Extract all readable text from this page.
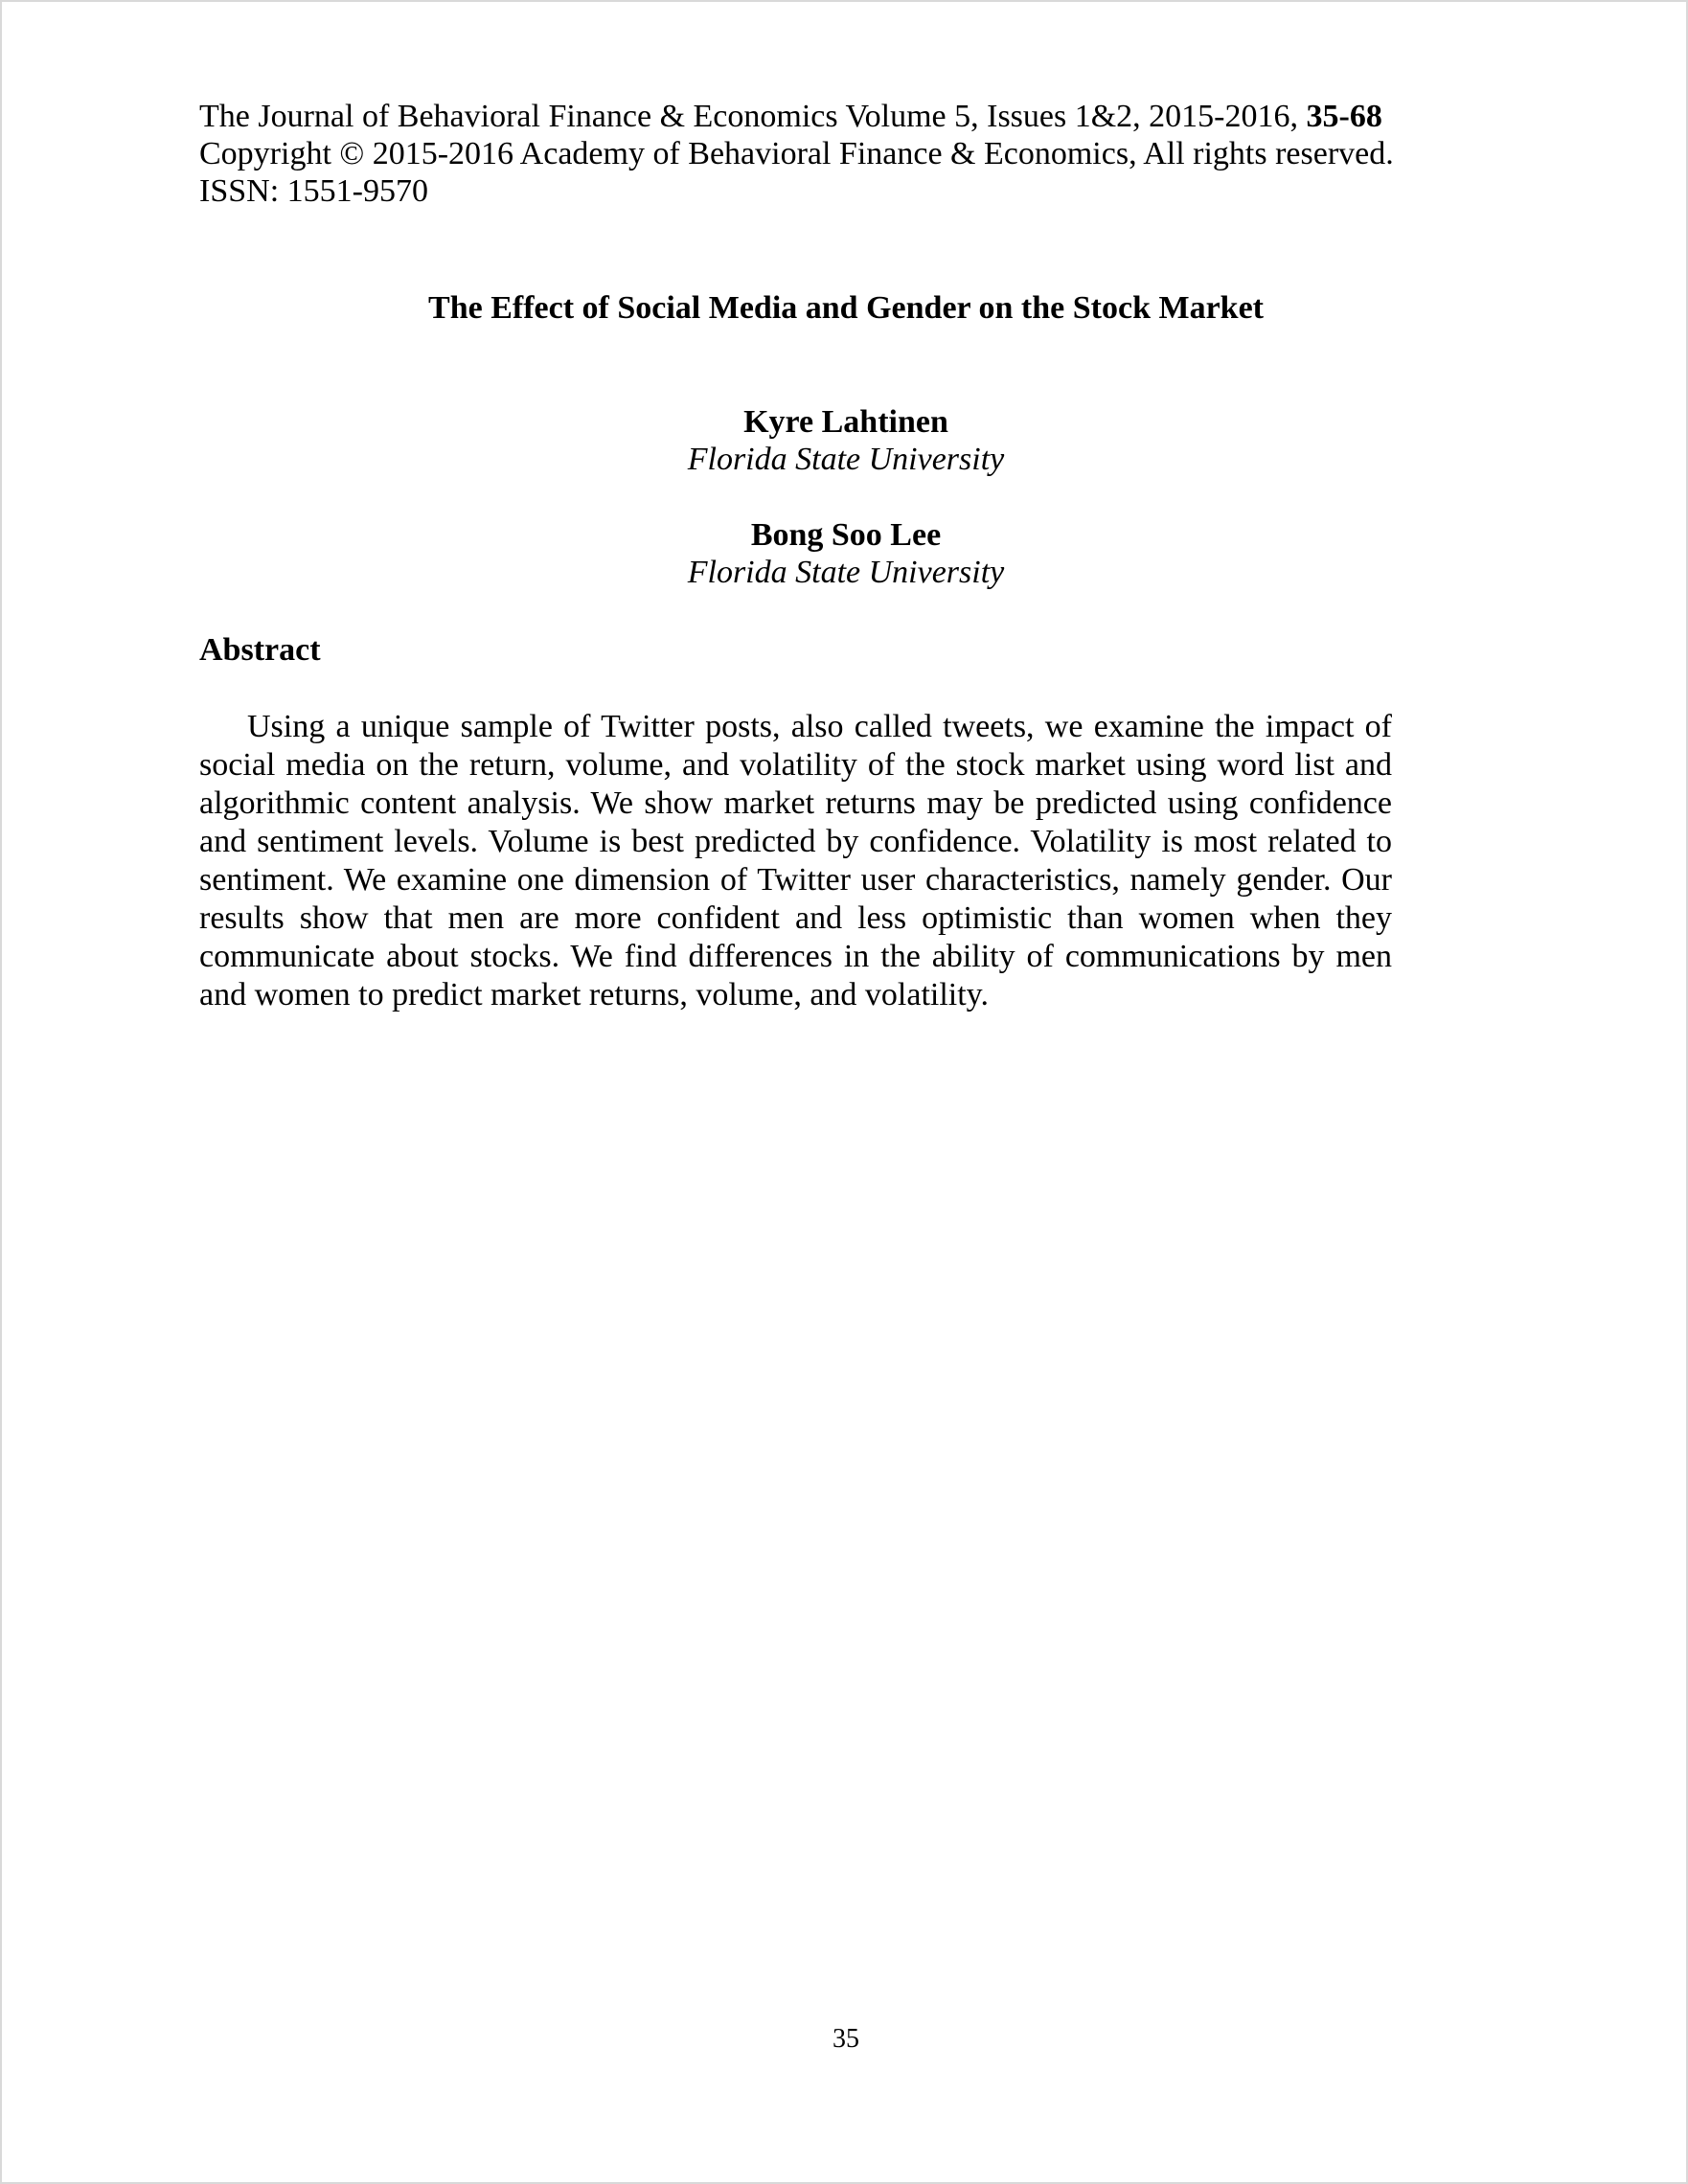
The Journal of Behavioral Finance & Economics Volume 5, Issues 1&2, 2015-2016, 35-68
Copyright © 2015-2016 Academy of Behavioral Finance & Economics, All rights reserved.
ISSN: 1551-9570
The Effect of Social Media and Gender on the Stock Market
Kyre Lahtinen
Florida State University
Bong Soo Lee
Florida State University
Abstract
Using a unique sample of Twitter posts, also called tweets, we examine the impact of
social media on the return, volume, and volatility of the stock market using word list and
algorithmic content analysis. We show market returns may be predicted using confidence
and sentiment levels. Volume is best predicted by confidence. Volatility is most related to
sentiment. We examine one dimension of Twitter user characteristics, namely gender. Our
results show that men are more confident and less optimistic than women when they
communicate about stocks. We find differences in the ability of communications by men
and women to predict market returns, volume, and volatility.
35
